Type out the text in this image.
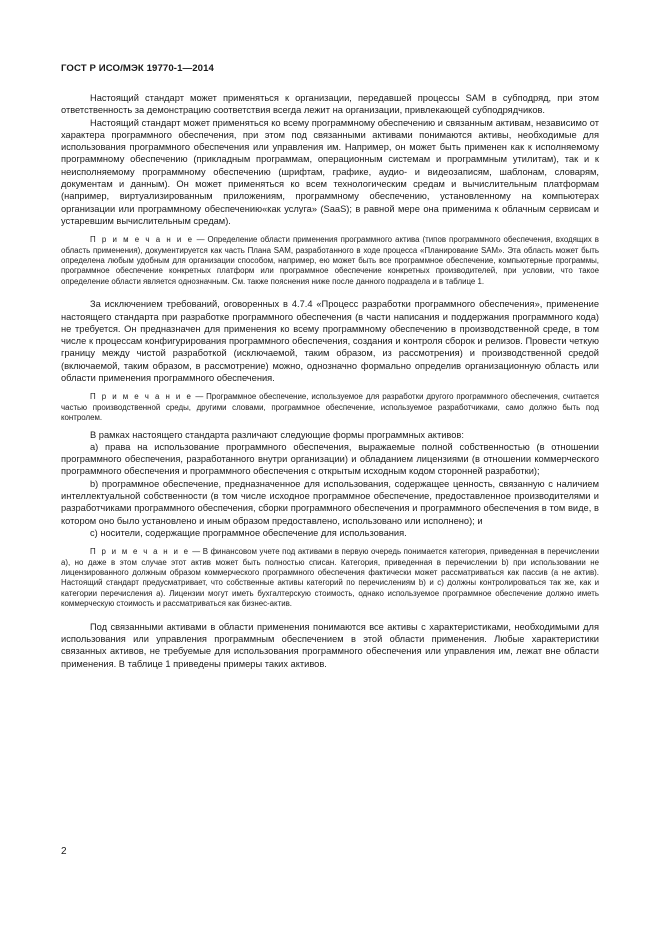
ГОСТ Р ИСО/МЭК 19770-1—2014

Настоящий стандарт может применяться к организации, передавшей процессы SAM в субподряд, при этом ответственность за демонстрацию соответствия всегда лежит на организации, привлекающей субподрядчиков.

Настоящий стандарт может применяться ко всему программному обеспечению и связанным активам, независимо от характера программного обеспечения, при этом под связанными активами понимаются активы, необходимые для использования программного обеспечения или управления им. Например, он может быть применен как к исполняемому программному обеспечению (прикладным программам, операционным системам и программным утилитам), так и к неисполняемому программному обеспечению (шрифтам, графике, аудио- и видеозаписям, шаблонам, словарям, документам и данным). Он может применяться ко всем технологическим средам и вычислительным платформам (например, виртуализированным приложениям, программному обеспечению, установленному на компьютерах организации или программному обеспечению«как услуга» (SaaS); в равной мере она применима к облачным сервисам и устаревшим вычислительным средам).

П р и м е ч а н и е — Определение области применения программного актива (типов программного обеспечения, входящих в область применения), документируется как часть Плана SAM, разработанного в ходе процесса «Планирование SAM». Эта область может быть определена любым удобным для организации способом, например, ею может быть все программное обеспечение, компьютерные программы, программное обеспечение конкретных платформ или программное обеспечение конкретных производителей, при условии, что такое определение области является однозначным. См. также пояснения ниже после данного подраздела и в таблице 1.

За исключением требований, оговоренных в 4.7.4 «Процесс разработки программного обеспечения», применение настоящего стандарта при разработке программного обеспечения (в части написания и поддержания программного кода) не требуется. Он предназначен для применения ко всему программному обеспечению в производственной среде, в том числе к процессам конфигурирования программного обеспечения, создания и контроля сборок и релизов. Провести четкую границу между чистой разработкой (исключаемой, таким образом, из рассмотрения) и производственной средой (включаемой, таким образом, в рассмотрение) можно, однозначно формально определив организационную область или области применения программного обеспечения.

П р и м е ч а н и е — Программное обеспечение, используемое для разработки другого программного обеспечения, считается частью производственной среды, другими словами, программное обеспечение, используемое разработчиками, само должно быть под контролем.

В рамках настоящего стандарта различают следующие формы программных активов:

a) права на использование программного обеспечения, выражаемые полной собственностью (в отношении программного обеспечения, разработанного внутри организации) и обладанием лицензиями (в отношении коммерческого программного обеспечения и программного обеспечения с открытым исходным кодом сторонней разработки);

b) программное обеспечение, предназначенное для использования, содержащее ценность, связанную с наличием интеллектуальной собственности (в том числе исходное программное обеспечение, предоставленное производителями и разработчиками программного обеспечения, сборки программного обеспечения и программного обеспечения в том виде, в котором оно было установлено и иным образом предоставлено, использовано или исполнено); и

c) носители, содержащие программное обеспечение для использования.

П р и м е ч а н и е — В финансовом учете под активами в первую очередь понимается категория, приведенная в перечислении а), но даже в этом случае этот актив может быть полностью списан. Категория, приведенная в перечислении b) при использовании не лицензированного должным образом коммерческого программного обеспечения фактически может рассматриваться как пассив (а не актив). Настоящий стандарт предусматривает, что собственные активы категорий по перечислениям b) и с) должны контролироваться так же, как и категории перечисления а). Лицензии могут иметь бухгалтерскую стоимость, однако используемое программное обеспечение должно иметь коммерческую стоимость и рассматриваться как бизнес-актив.

Под связанными активами в области применения понимаются все активы с характеристиками, необходимыми для использования или управления программным обеспечением в этой области применения. Любые характеристики связанных активов, не требуемые для использования программного обеспечения или управления им, лежат вне области применения. В таблице 1 приведены примеры таких активов.

2
